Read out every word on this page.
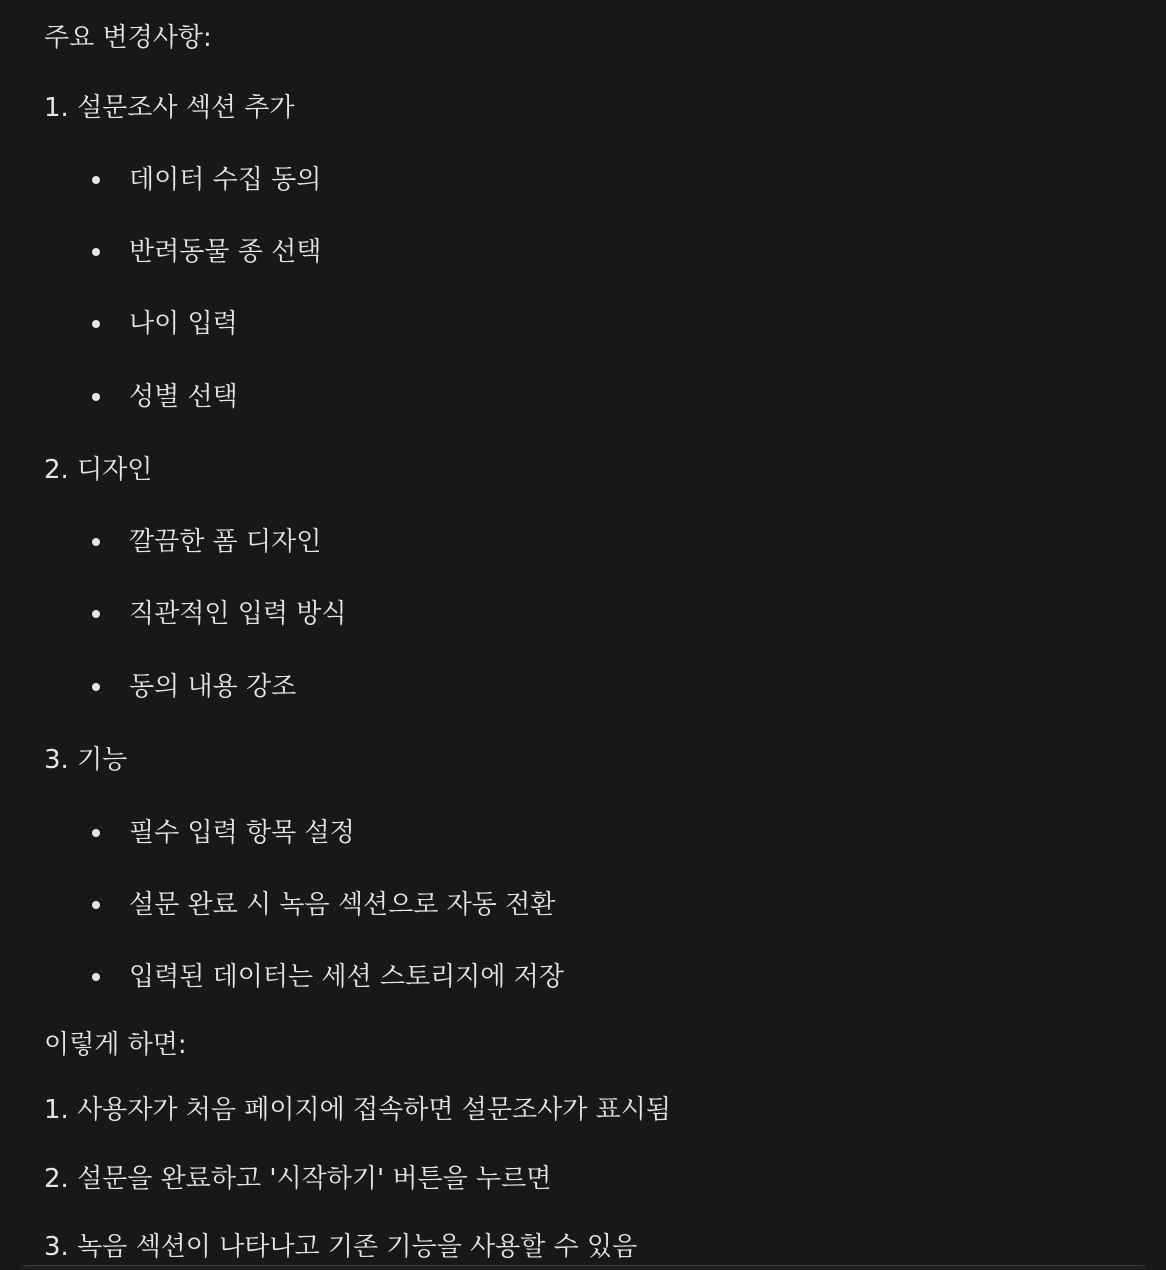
주요 변경사항:
1. 설문조사 섹션 추가
데이터 수집 동의
반려동물 종 선택
나이 입력
성별 선택
2. 디자인
깔끔한 폼 디자인
직관적인 입력 방식
동의 내용 강조
3. 기능
필수 입력 항목 설정
설문 완료 시 녹음 섹션으로 자동 전환
입력된 데이터는 세션 스토리지에 저장
이렇게 하면:
1. 사용자가 처음 페이지에 접속하면 설문조사가 표시됨
2. 설문을 완료하고 '시작하기' 버튼을 누르면
3. 녹음 섹션이 나타나고 기존 기능을 사용할 수 있음
